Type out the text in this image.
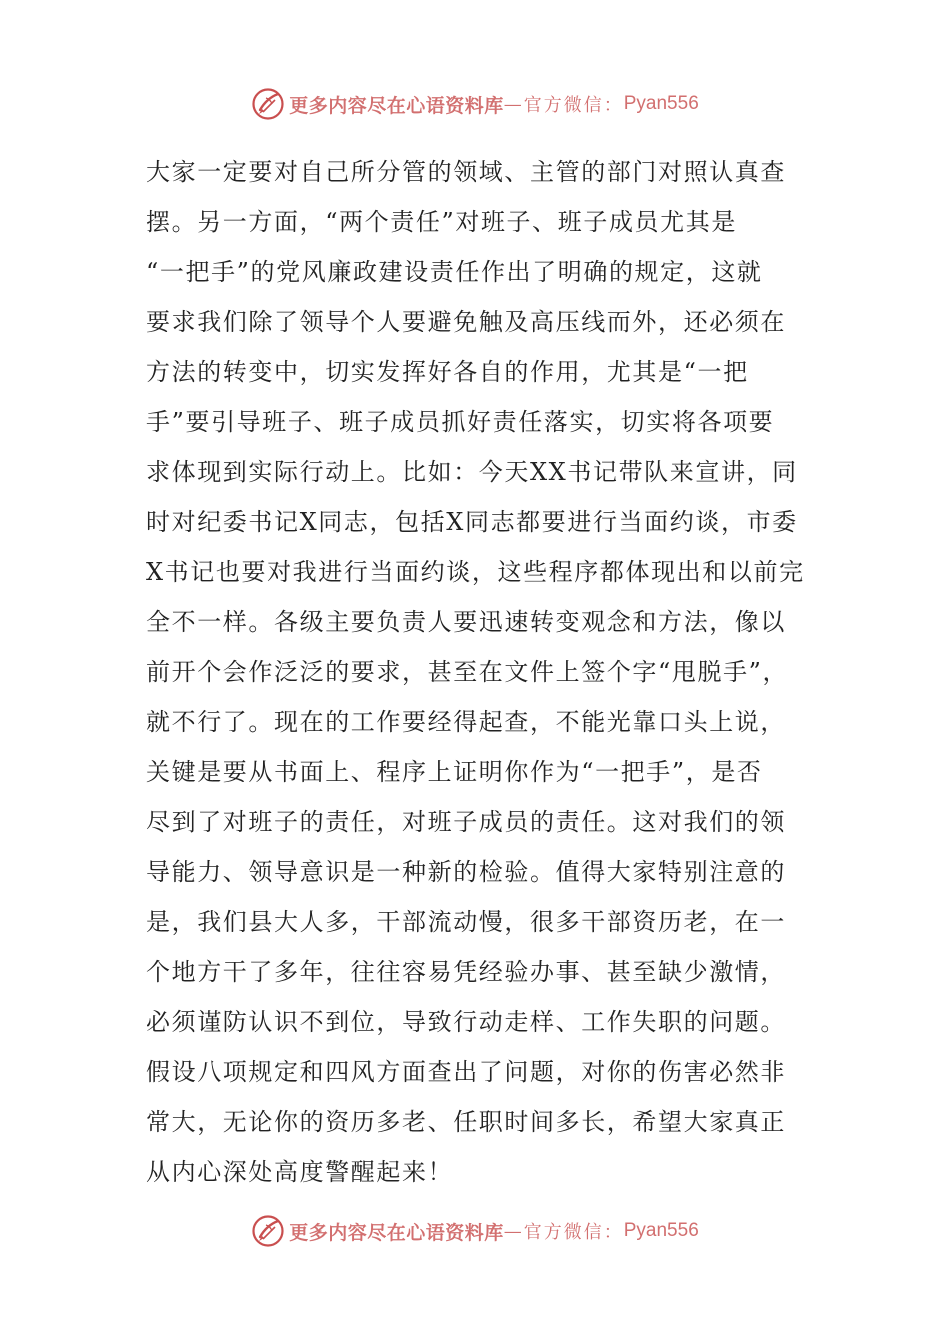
更多内容尽在心语资料库 — 官方微信： Pyan556
大家一定要对自己所分管的领域、主管的部门对照认真查
摆。另一方面，“两个责任”对班子、班子成员尤其是
“一把手”的党风廉政建设责任作出了明确的规定，这就
要求我们除了领导个人要避免触及高压线而外，还必须在
方法的转变中，切实发挥好各自的作用，尤其是“一把
手”要引导班子、班子成员抓好责任落实，切实将各项要
求体现到实际行动上。比如：今天XX书记带队来宣讲，同
时对纪委书记X同志，包括X同志都要进行当面约谈，市委
X书记也要对我进行当面约谈，这些程序都体现出和以前完
全不一样。各级主要负责人要迅速转变观念和方法，像以
前开个会作泛泛的要求，甚至在文件上签个字“甩脱手”，
就不行了。现在的工作要经得起查，不能光靠口头上说，
关键是要从书面上、程序上证明你作为“一把手”，是否
尽到了对班子的责任，对班子成员的责任。这对我们的领
导能力、领导意识是一种新的检验。值得大家特别注意的
是，我们县大人多，干部流动慢，很多干部资历老，在一
个地方干了多年，往往容易凭经验办事、甚至缺少激情，
必须谨防认识不到位，导致行动走样、工作失职的问题。
假设八项规定和四风方面查出了问题，对你的伤害必然非
常大，无论你的资历多老、任职时间多长，希望大家真正
从内心深处高度警醒起来！
更多内容尽在心语资料库 — 官方微信： Pyan556
